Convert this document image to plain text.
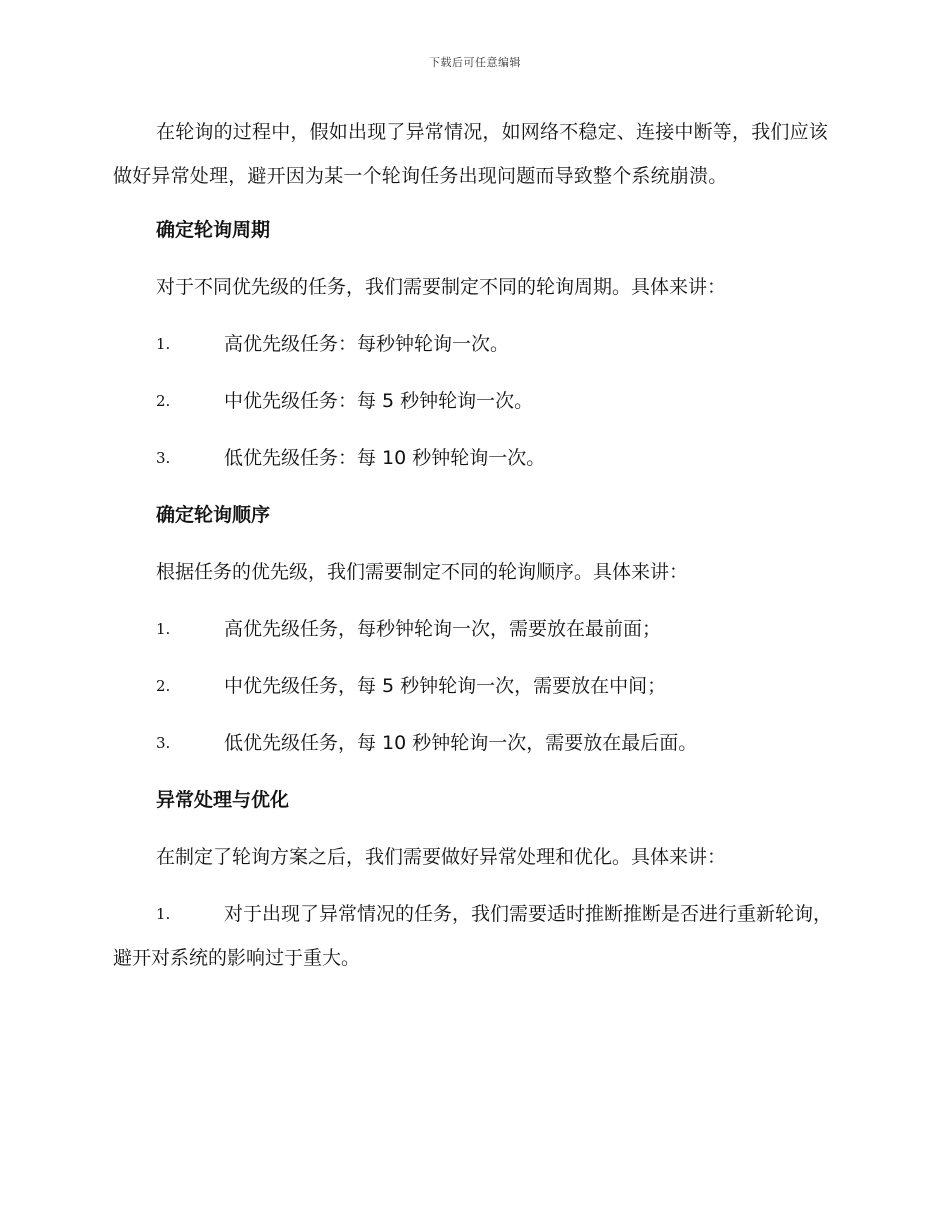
下载后可任意编辑

在轮询的过程中，假如出现了异常情况，如网络不稳定、连接中断等，我们应该做好异常处理，避开因为某一个轮询任务出现问题而导致整个系统崩溃。

确定轮询周期
对于不同优先级的任务，我们需要制定不同的轮询周期。具体来讲：
1.	高优先级任务：每秒钟轮询一次。
2.	中优先级任务：每 5 秒钟轮询一次。
3.	低优先级任务：每 10 秒钟轮询一次。
确定轮询顺序
根据任务的优先级，我们需要制定不同的轮询顺序。具体来讲：
1.	高优先级任务，每秒钟轮询一次，需要放在最前面；
2.	中优先级任务，每 5 秒钟轮询一次，需要放在中间；
3.	低优先级任务，每 10 秒钟轮询一次，需要放在最后面。
异常处理与优化
在制定了轮询方案之后，我们需要做好异常处理和优化。具体来讲：
1.	对于出现了异常情况的任务，我们需要适时推断推断是否进行重新轮询，避开对系统的影响过于重大。
